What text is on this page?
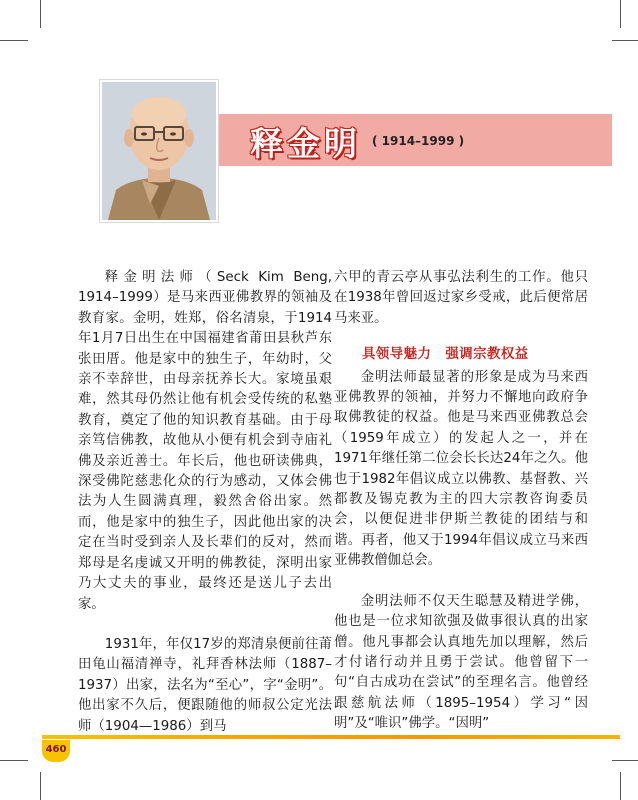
释金明 ( 1914–1999 )

释金明法师（Seck Kim Beng, 1914–1999）是马来西亚佛教界的领袖及教育家。金明，姓郑，俗名清泉，于1914年1月7日出生在中国福建省莆田县秋芦东张田厝。他是家中的独生子，年幼时，父亲不幸辞世，由母亲抚养长大。家境虽艰难，然其母仍然让他有机会受传统的私塾教育，奠定了他的知识教育基础。由于母亲笃信佛教，故他从小便有机会到寺庙礼佛及亲近善士。年长后，他也研读佛典，深受佛陀慈悲化众的行为感动，又体会佛法为人生圆满真理，毅然舍俗出家。然而，他是家中的独生子，因此他出家的决定在当时受到亲人及长辈们的反对，然而郑母是名虔诚又开明的佛教徒，深明出家乃大丈夫的事业，最终还是送儿子去出家。

1931年，年仅17岁的郑清泉便前往莆田龟山福清禅寺，礼拜香林法师（1887–1937）出家，法名为“至心”，字“金明”。他出家不久后，便跟随他的师叔公定光法师（1904—1986）到马

六甲的青云亭从事弘法利生的工作。他只在1938年曾回返过家乡受戒，此后便常居马来亚。

具领导魅力　强调宗教权益

金明法师最显著的形象是成为马来西亚佛教界的领袖，并努力不懈地向政府争取佛教徒的权益。他是马来西亚佛教总会（1959年成立）的发起人之一，并在1971年继任第二位会长长达24年之久。他也于1982年倡议成立以佛教、基督教、兴都教及锡克教为主的四大宗教咨询委员会，以便促进非伊斯兰教徒的团结与和谐。再者，他又于1994年倡议成立马来西亚佛教僧伽总会。

金明法师不仅天生聪慧及精进学佛，他也是一位求知欲强及做事很认真的出家僧。他凡事都会认真地先加以理解，然后才付诸行动并且勇于尝试。他曾留下一句“自古成功在尝试”的至理名言。他曾经跟慈航法师（1895–1954）学习“因明”及“唯识”佛学。“因明”

460
